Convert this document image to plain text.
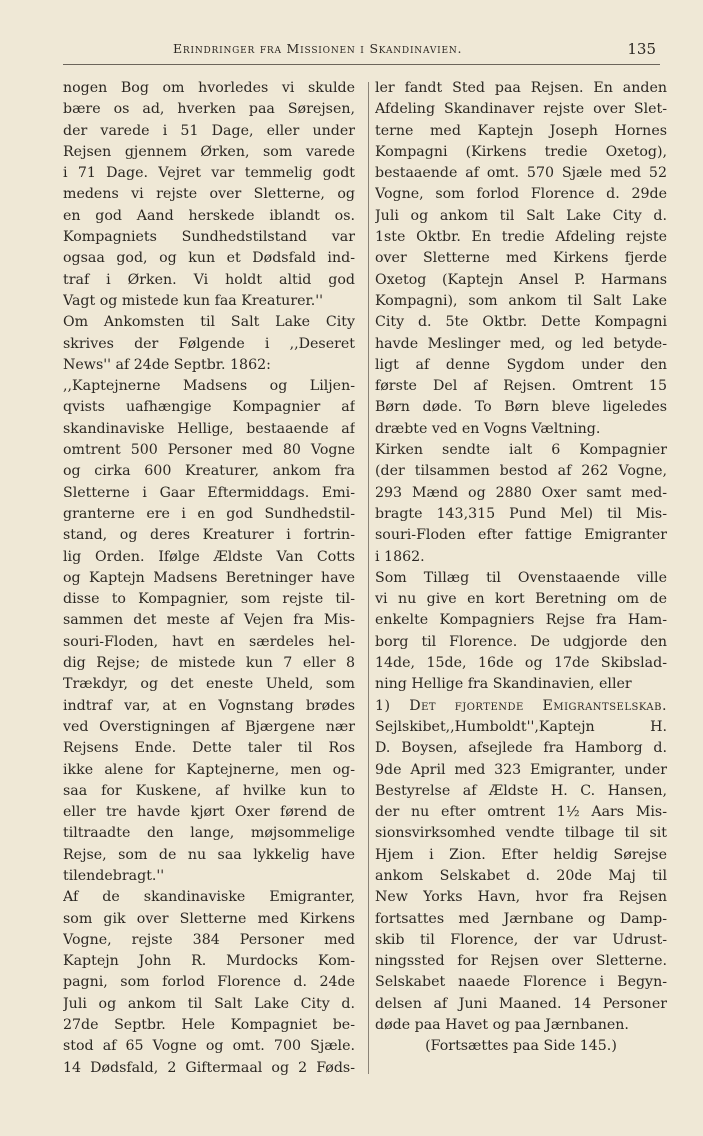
Erindringer fra Missionen i Skandinavien.	135
nogen Bog om hvorledes vi skulde
bære os ad, hverken paa Sørejsen,
der varede i 51 Dage, eller under
Rejsen gjennem Ørken, som varede
i 71 Dage. Vejret var temmelig godt
medens vi rejste over Sletterne, og
en god Aand herskede iblandt os.
Kompagniets Sundhedstilstand var
ogsaa god, og kun et Dødsfald ind-
traf i Ørken. Vi holdt altid god
Vagt og mistede kun faa Kreaturer.''
Om Ankomsten til Salt Lake City
skrives der Følgende i ,,Deseret
News'' af 24de Septbr. 1862:
,,Kaptejnerne Madsens og Liljen-
qvists uafhængige Kompagnier af
skandinaviske Hellige, bestaaende af
omtrent 500 Personer med 80 Vogne
og cirka 600 Kreaturer, ankom fra
Sletterne i Gaar Eftermiddags. Emi-
granterne ere i en god Sundhedstil-
stand, og deres Kreaturer i fortrin-
lig Orden. Ifølge Ældste Van Cotts
og Kaptejn Madsens Beretninger have
disse to Kompagnier, som rejste til-
sammen det meste af Vejen fra Mis-
souri-Floden, havt en særdeles hel-
dig Rejse; de mistede kun 7 eller 8
Trækdyr, og det eneste Uheld, som
indtraf var, at en Vognstang brødes
ved Overstigningen af Bjærgene nær
Rejsens Ende. Dette taler til Ros
ikke alene for Kaptejnerne, men og-
saa for Kuskene, af hvilke kun to
eller tre havde kjørt Oxer førend de
tiltraadte den lange, møjsommelige
Rejse, som de nu saa lykkelig have
tilendebragt.''
Af de skandinaviske Emigranter,
som gik over Sletterne med Kirkens
Vogne, rejste 384 Personer med
Kaptejn John R. Murdocks Kom-
pagni, som forlod Florence d. 24de
Juli og ankom til Salt Lake City d.
27de Septbr. Hele Kompagniet be-
stod af 65 Vogne og omt. 700 Sjæle.
14 Dødsfald, 2 Giftermaal og 2 Føds-
ler fandt Sted paa Rejsen. En anden
Afdeling Skandinaver rejste over Slet-
terne med Kaptejn Joseph Hornes
Kompagni (Kirkens tredie Oxetog),
bestaaende af omt. 570 Sjæle med 52
Vogne, som forlod Florence d. 29de
Juli og ankom til Salt Lake City d.
1ste Oktbr. En tredie Afdeling rejste
over Sletterne med Kirkens fjerde
Oxetog (Kaptejn Ansel P. Harmans
Kompagni), som ankom til Salt Lake
City d. 5te Oktbr. Dette Kompagni
havde Meslinger med, og led betyde-
ligt af denne Sygdom under den
første Del af Rejsen. Omtrent 15
Børn døde. To Børn bleve ligeledes
dræbte ved en Vogns Væltning.
Kirken sendte ialt 6 Kompagnier
(der tilsammen bestod af 262 Vogne,
293 Mænd og 2880 Oxer samt med-
bragte 143,315 Pund Mel) til Mis-
souri-Floden efter fattige Emigranter
i 1862.
Som Tillæg til Ovenstaaende ville
vi nu give en kort Beretning om de
enkelte Kompagniers Rejse fra Ham-
borg til Florence. De udgjorde den
14de, 15de, 16de og 17de Skibslad-
ning Hellige fra Skandinavien, eller
1) Det fjortende Emigrantselskab.
Sejlskibet,,Humboldt'',Kaptejn H.
D. Boysen, afsejlede fra Hamborg d.
9de April med 323 Emigranter, under
Bestyrelse af Ældste H. C. Hansen,
der nu efter omtrent 1½ Aars Mis-
sionsvirksomhed vendte tilbage til sit
Hjem i Zion. Efter heldig Sørejse
ankom Selskabet d. 20de Maj til
New Yorks Havn, hvor fra Rejsen
fortsattes med Jærnbane og Damp-
skib til Florence, der var Udrust-
ningssted for Rejsen over Sletterne.
Selskabet naaede Florence i Begyn-
delsen af Juni Maaned. 14 Personer
døde paa Havet og paa Jærnbanen.
(Fortsættes paa Side 145.)
